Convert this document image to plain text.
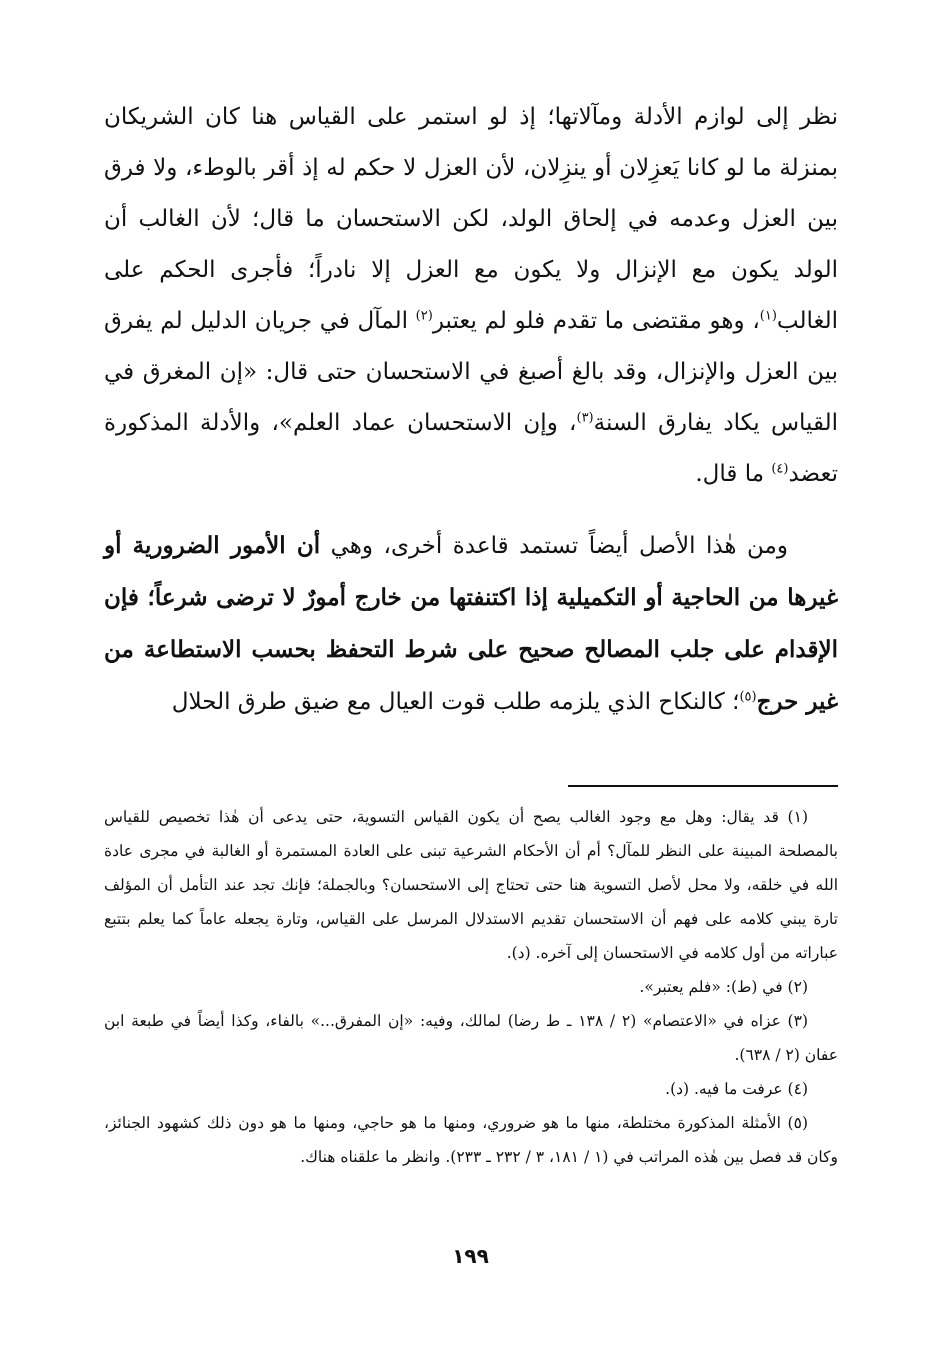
نظر إلى لوازم الأدلة ومآلاتها؛ إذ لو استمر على القياس هنا كان الشريكان بمنزلة ما لو كانا يَعزِلان أو ينزِلان، لأن العزل لا حكم له إذ أقر بالوطء، ولا فرق بين العزل وعدمه في إلحاق الولد، لكن الاستحسان ما قال؛ لأن الغالب أن الولد يكون مع الإنزال ولا يكون مع العزل إلا نادراً؛ فأجرى الحكم على الغالب$^{(١)}$، وهو مقتضى ما تقدم فلو لم يعتبر$^{(٢)}$ المآل في جريان الدليل لم يفرق بين العزل والإنزال، وقد بالغ أصبغ في الاستحسان حتى قال: «إن المغرق في القياس يكاد يفارق السنة$^{(٣)}$، وإن الاستحسان عماد العلم»، والأدلة المذكورة تعضد$^{(٤)}$ ما قال.

ومن هٰذا الأصل أيضاً تستمد قاعدة أخرى، وهي أن الأمور الضرورية أو غيرها من الحاجية أو التكميلية إذا اكتنفتها من خارج أمورٌ لا ترضى شرعاً؛ فإن الإقدام على جلب المصالح صحيح على شرط التحفظ بحسب الاستطاعة من غير حرج$^{(٥)}$؛ كالنكاح الذي يلزمه طلب قوت العيال مع ضيق طرق الحلال

(١) قد يقال: وهل مع وجود الغالب يصح أن يكون القياس التسوية، حتى يدعى أن هٰذا تخصيص للقياس بالمصلحة المبينة على النظر للمآل؟ أم أن الأحكام الشرعية تبنى على العادة المستمرة أو الغالبة في مجرى عادة الله في خلقه، ولا محل لأصل التسوية هنا حتى تحتاج إلى الاستحسان؟ وبالجملة؛ فإنك تجد عند التأمل أن المؤلف تارة يبني كلامه على فهم أن الاستحسان تقديم الاستدلال المرسل على القياس، وتارة يجعله عاماً كما يعلم بتتبع عباراته من أول كلامه في الاستحسان إلى آخره. (د).

(٢) في (ط): «فلم يعتبر».

(٣) عزاه في «الاعتصام» (٢ / ١٣٨ ـ ط رضا) لمالك، وفيه: «إن المفرق...» بالفاء، وكذا أيضاً في طبعة ابن عفان (٢ / ٦٣٨).

(٤) عرفت ما فيه. (د).

(٥) الأمثلة المذكورة مختلطة، منها ما هو ضروري، ومنها ما هو حاجي، ومنها ما هو دون ذلك كشهود الجنائز، وكان قد فصل بين هٰذه المراتب في (١ / ١٨١، ٣ / ٢٣٢ ـ ٢٣٣). وانظر ما علقناه هناك.

١٩٩
